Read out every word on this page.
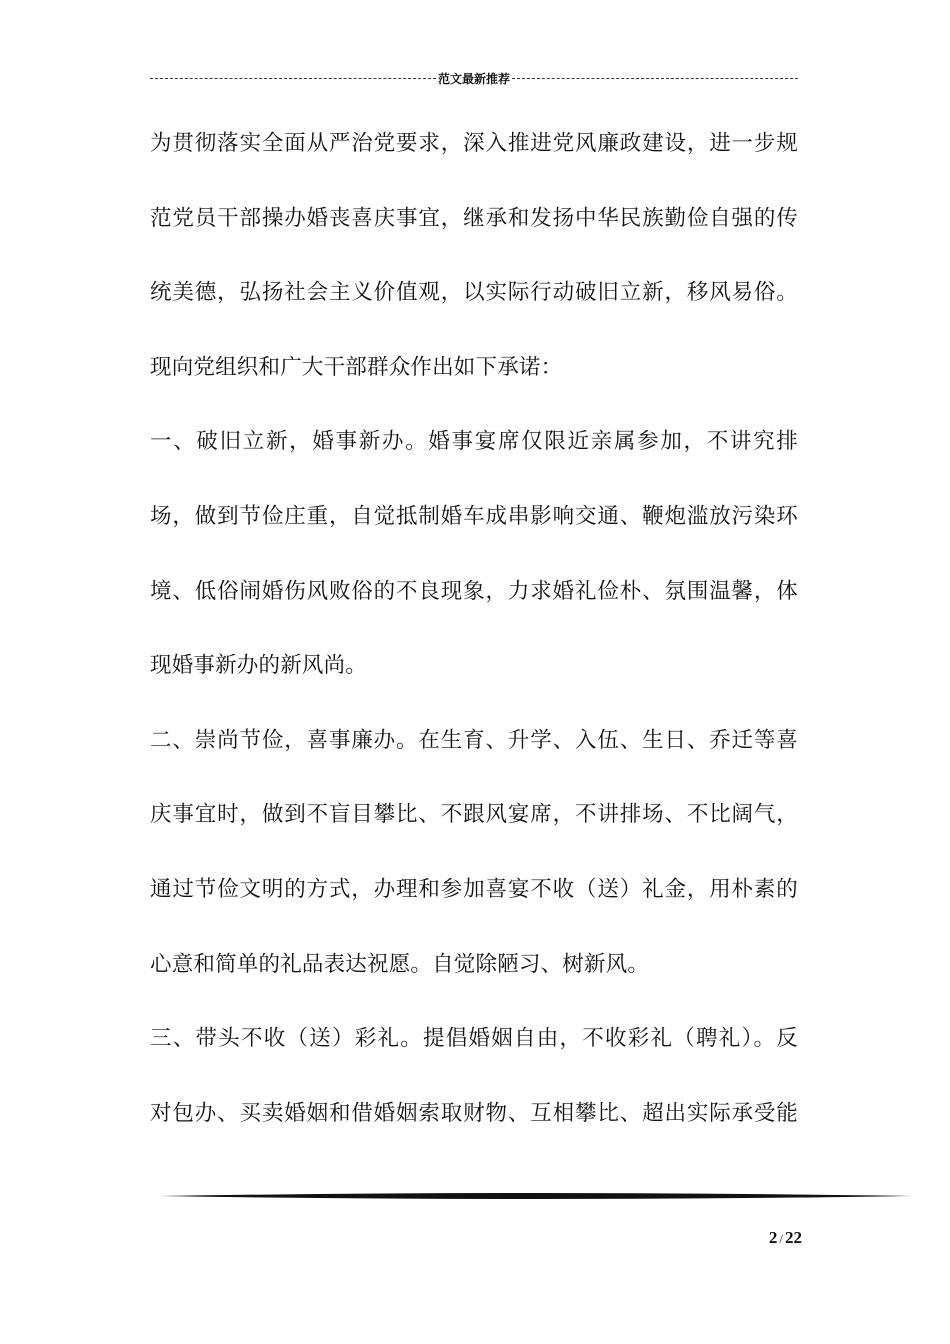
范文最新推荐
为贯彻落实全面从严治党要求，深入推进党风廉政建设，进一步规
范党员干部操办婚丧喜庆事宜，继承和发扬中华民族勤俭自强的传
统美德，弘扬社会主义价值观，以实际行动破旧立新，移风易俗。
现向党组织和广大干部群众作出如下承诺：
一、破旧立新，婚事新办。婚事宴席仅限近亲属参加，不讲究排
场，做到节俭庄重，自觉抵制婚车成串影响交通、鞭炮滥放污染环
境、低俗闹婚伤风败俗的不良现象，力求婚礼俭朴、氛围温馨，体
现婚事新办的新风尚。
二、崇尚节俭，喜事廉办。在生育、升学、入伍、生日、乔迁等喜
庆事宜时，做到不盲目攀比、不跟风宴席，不讲排场、不比阔气，
通过节俭文明的方式，办理和参加喜宴不收（送）礼金，用朴素的
心意和简单的礼品表达祝愿。自觉除陋习、树新风。
三、带头不收（送）彩礼。提倡婚姻自由，不收彩礼（聘礼）。反
对包办、买卖婚姻和借婚姻索取财物、互相攀比、超出实际承受能
2 / 22
